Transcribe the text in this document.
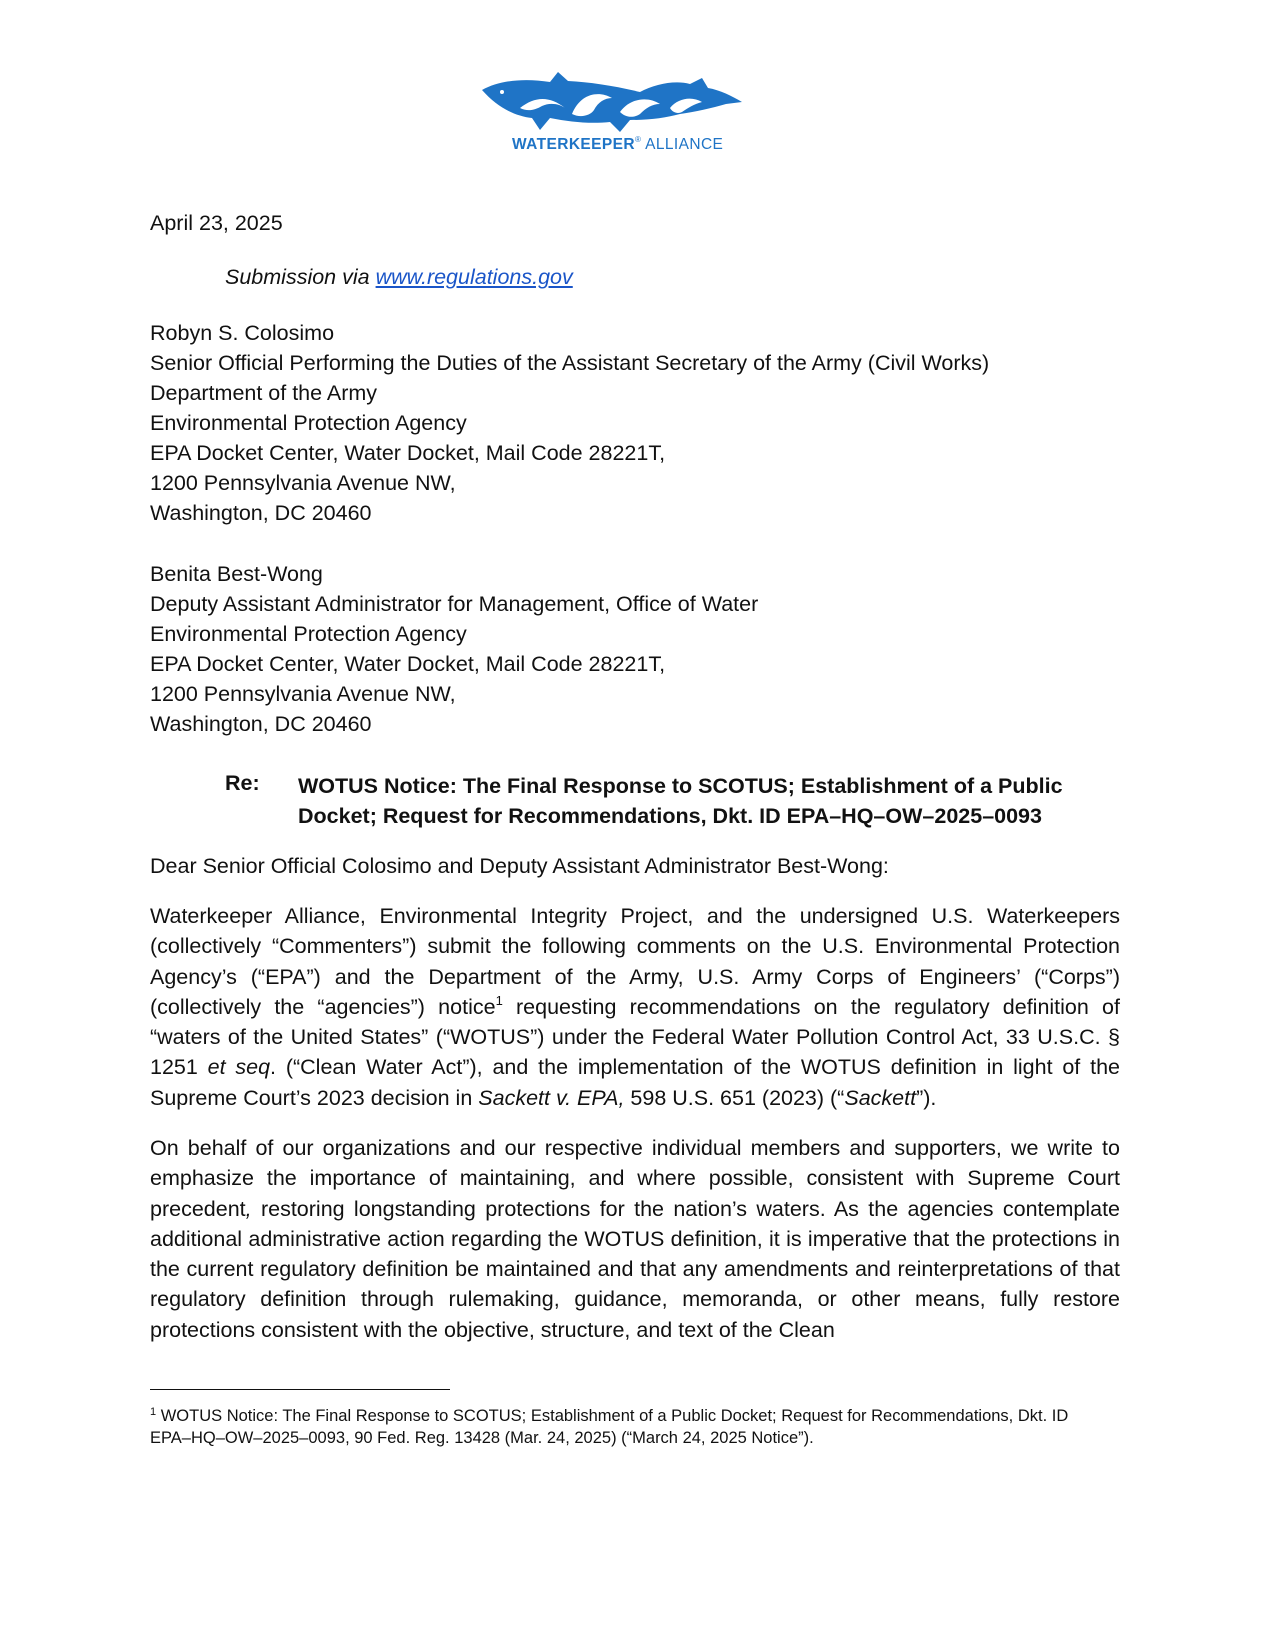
WATERKEEPER® ALLIANCE
April 23, 2025
Submission via www.regulations.gov
Robyn S. Colosimo
Senior Official Performing the Duties of the Assistant Secretary of the Army (Civil Works)
Department of the Army
Environmental Protection Agency
EPA Docket Center, Water Docket, Mail Code 28221T,
1200 Pennsylvania Avenue NW,
Washington, DC 20460
Benita Best-Wong
Deputy Assistant Administrator for Management, Office of Water
Environmental Protection Agency
EPA Docket Center, Water Docket, Mail Code 28221T,
1200 Pennsylvania Avenue NW,
Washington, DC 20460
Re: WOTUS Notice: The Final Response to SCOTUS; Establishment of a Public
Docket; Request for Recommendations, Dkt. ID EPA–HQ–OW–2025–0093
Dear Senior Official Colosimo and Deputy Assistant Administrator Best-Wong:
Waterkeeper Alliance, Environmental Integrity Project, and the undersigned U.S. Waterkeepers (collectively “Commenters”) submit the following comments on the U.S. Environmental Protection Agency’s (“EPA”) and the Department of the Army, U.S. Army Corps of Engineers’ (“Corps”) (collectively the “agencies”) notice$^1$ requesting recommendations on the regulatory definition of “waters of the United States” (“WOTUS”) under the Federal Water Pollution Control Act, 33 U.S.C. § 1251 et seq. (“Clean Water Act”), and the implementation of the WOTUS definition in light of the Supreme Court’s 2023 decision in Sackett v. EPA, 598 U.S. 651 (2023) (“Sackett”).
On behalf of our organizations and our respective individual members and supporters, we write to emphasize the importance of maintaining, and where possible, consistent with Supreme Court precedent, restoring longstanding protections for the nation’s waters. As the agencies contemplate additional administrative action regarding the WOTUS definition, it is imperative that the protections in the current regulatory definition be maintained and that any amendments and reinterpretations of that regulatory definition through rulemaking, guidance, memoranda, or other means, fully restore protections consistent with the objective, structure, and text of the Clean
$^1$ WOTUS Notice: The Final Response to SCOTUS; Establishment of a Public Docket; Request for Recommendations, Dkt. ID EPA–HQ–OW–2025–0093, 90 Fed. Reg. 13428 (Mar. 24, 2025) (“March 24, 2025 Notice”).
